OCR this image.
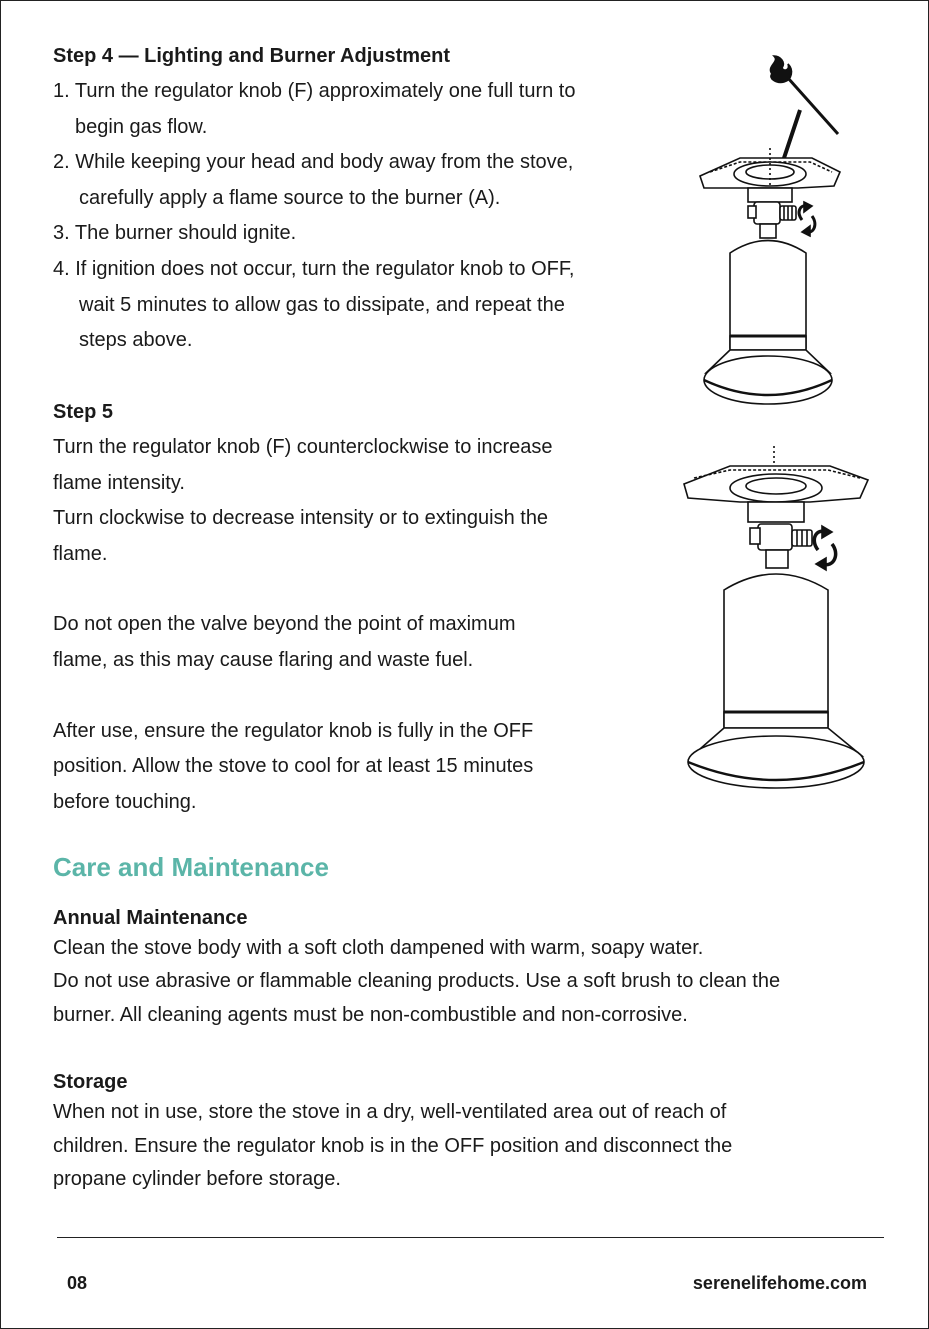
Step 4 — Lighting and Burner Adjustment
1. Turn the regulator knob (F) approximately one full turn to
begin gas flow.
2. While keeping your head and body away from the stove,
carefully apply a flame source to the burner (A).
3. The burner should ignite.
4. If ignition does not occur, turn the regulator knob to OFF,
wait 5 minutes to allow gas to dissipate, and repeat the
steps above.
Step 5

Turn the regulator knob (F) counterclockwise to increase

flame intensity.

Turn clockwise to decrease intensity or to extinguish the

flame.

Do not open the valve beyond the point of maximum

flame, as this may cause flaring and waste fuel.

After use, ensure the regulator knob is fully in the OFF

position. Allow the stove to cool for at least 15 minutes

before touching.

Care and Maintenance
Annual Maintenance

Clean the stove body with a soft cloth dampened with warm, soapy water.

Do not use abrasive or flammable cleaning products. Use a soft brush to clean the

burner. All cleaning agents must be non-combustible and non-corrosive.

Storage

When not in use, store the stove in a dry, well-ventilated area out of reach of

children. Ensure the regulator knob is in the OFF position and disconnect the

propane cylinder before storage.

08	serenelifehome.com
